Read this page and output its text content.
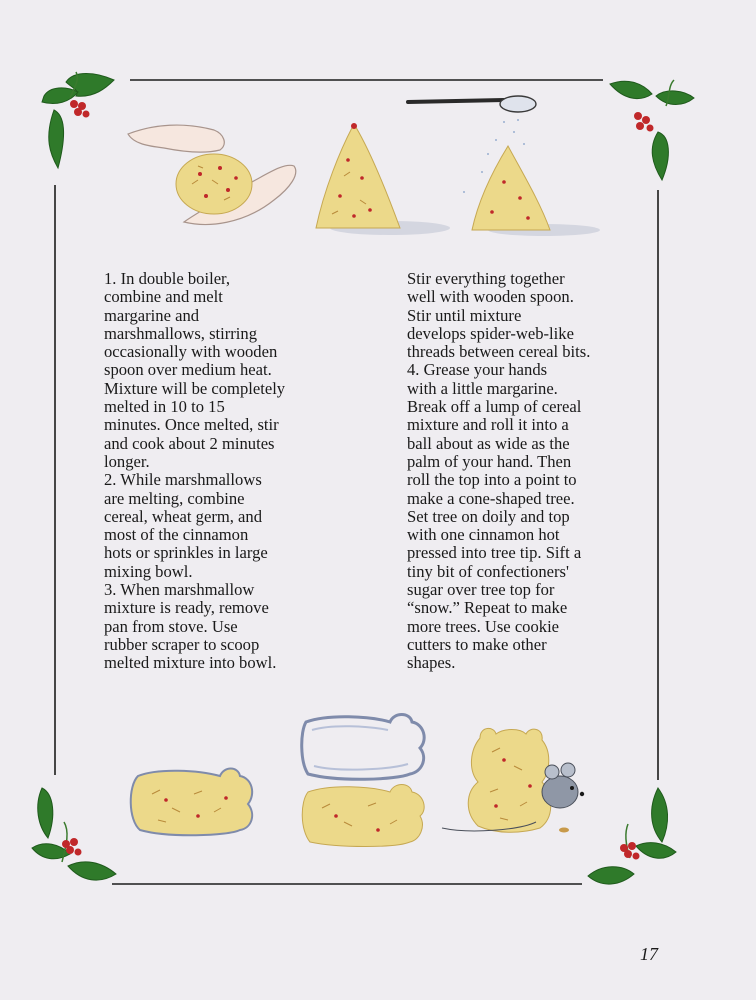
1. In double boiler,

combine and melt

margarine and

marshmallows, stirring

occasionally with wooden

spoon over medium heat.

Mixture will be completely

melted in 10 to 15

minutes. Once melted, stir

and cook about 2 minutes

longer.

2. While marshmallows

are melting, combine

cereal, wheat germ, and

most of the cinnamon

hots or sprinkles in large

mixing bowl.

3. When marshmallow

mixture is ready, remove

pan from stove. Use

rubber scraper to scoop

melted mixture into bowl.

Stir everything together

well with wooden spoon.

Stir until mixture

develops spider-web-like

threads between cereal bits.

4. Grease your hands

with a little margarine.

Break off a lump of cereal

mixture and roll it into a

ball about as wide as the

palm of your hand. Then

roll the top into a point to

make a cone-shaped tree.

Set tree on doily and top

with one cinnamon hot

pressed into tree tip. Sift a

tiny bit of confectioners'

sugar over tree top for

“snow.” Repeat to make

more trees. Use cookie

cutters to make other

shapes.

17
